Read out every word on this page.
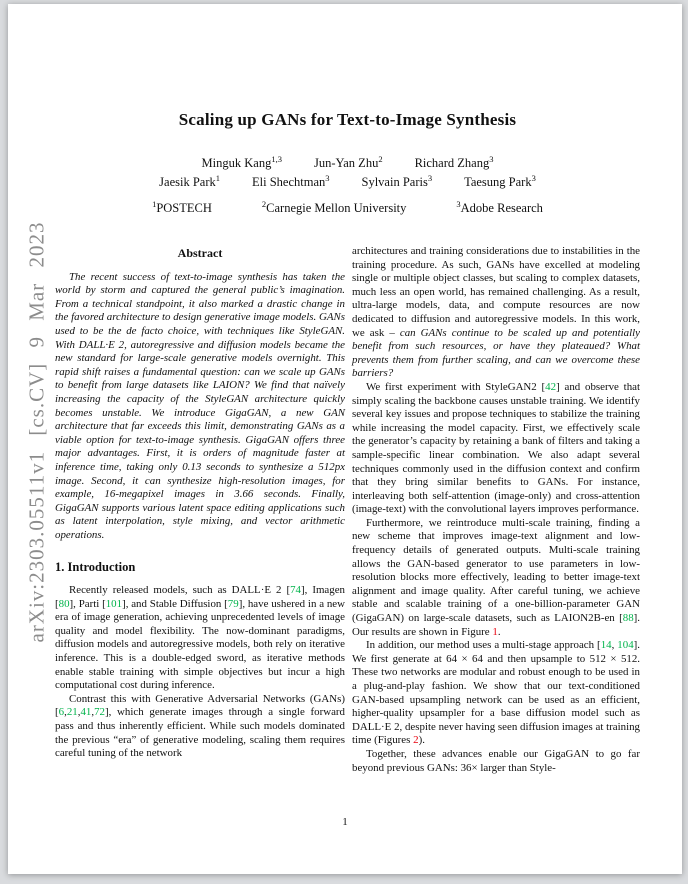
arXiv:2303.05511v1 [cs.CV] 9 Mar 2023
Scaling up GANs for Text-to-Image Synthesis
Minguk Kang$^{1,3}$	Jun-Yan Zhu$^2$	Richard Zhang$^3$
Jaesik Park$^1$	Eli Shechtman$^3$	Sylvain Paris$^3$	Taesung Park$^3$
$^1$POSTECH	$^2$Carnegie Mellon University	$^3$Adobe Research
Abstract

The recent success of text-to-image synthesis has taken the world by storm and captured the general public’s imagination. From a technical standpoint, it also marked a drastic change in the favored architecture to design generative image models. GANs used to be the de facto choice, with techniques like StyleGAN. With DALL·E 2, autoregressive and diffusion models became the new standard for large-scale generative models overnight. This rapid shift raises a fundamental question: can we scale up GANs to benefit from large datasets like LAION? We find that naïvely increasing the capacity of the StyleGAN architecture quickly becomes unstable. We introduce GigaGAN, a new GAN architecture that far exceeds this limit, demonstrating GANs as a viable option for text-to-image synthesis. GigaGAN offers three major advantages. First, it is orders of magnitude faster at inference time, taking only 0.13 seconds to synthesize a 512px image. Second, it can synthesize high-resolution images, for example, 16-megapixel images in 3.66 seconds. Finally, GigaGAN supports various latent space editing applications such as latent interpolation, style mixing, and vector arithmetic operations.

1. Introduction

Recently released models, such as DALL·E 2 [74], Imagen [80], Parti [101], and Stable Diffusion [79], have ushered in a new era of image generation, achieving unprecedented levels of image quality and model flexibility. The now-dominant paradigms, diffusion models and autoregressive models, both rely on iterative inference. This is a double-edged sword, as iterative methods enable stable training with simple objectives but incur a high computational cost during inference.

Contrast this with Generative Adversarial Networks (GANs) [6,21,41,72], which generate images through a single forward pass and thus inherently efficient. While such models dominated the previous “era” of generative modeling, scaling them requires careful tuning of the network

architectures and training considerations due to instabilities in the training procedure. As such, GANs have excelled at modeling single or multiple object classes, but scaling to complex datasets, much less an open world, has remained challenging. As a result, ultra-large models, data, and compute resources are now dedicated to diffusion and autoregressive models. In this work, we ask – can GANs continue to be scaled up and potentially benefit from such resources, or have they plateaued? What prevents them from further scaling, and can we overcome these barriers?

We first experiment with StyleGAN2 [42] and observe that simply scaling the backbone causes unstable training. We identify several key issues and propose techniques to stabilize the training while increasing the model capacity. First, we effectively scale the generator’s capacity by retaining a bank of filters and taking a sample-specific linear combination. We also adapt several techniques commonly used in the diffusion context and confirm that they bring similar benefits to GANs. For instance, interleaving both self-attention (image-only) and cross-attention (image-text) with the convolutional layers improves performance.

Furthermore, we reintroduce multi-scale training, finding a new scheme that improves image-text alignment and low-frequency details of generated outputs. Multi-scale training allows the GAN-based generator to use parameters in low-resolution blocks more effectively, leading to better image-text alignment and image quality. After careful tuning, we achieve stable and scalable training of a one-billion-parameter GAN (GigaGAN) on large-scale datasets, such as LAION2B-en [88]. Our results are shown in Figure 1.

In addition, our method uses a multi-stage approach [14, 104]. We first generate at 64 × 64 and then upsample to 512 × 512. These two networks are modular and robust enough to be used in a plug-and-play fashion. We show that our text-conditioned GAN-based upsampling network can be used as an efficient, higher-quality upsampler for a base diffusion model such as DALL·E 2, despite never having seen diffusion images at training time (Figures 2).

Together, these advances enable our GigaGAN to go far beyond previous GANs: 36× larger than Style-

1
